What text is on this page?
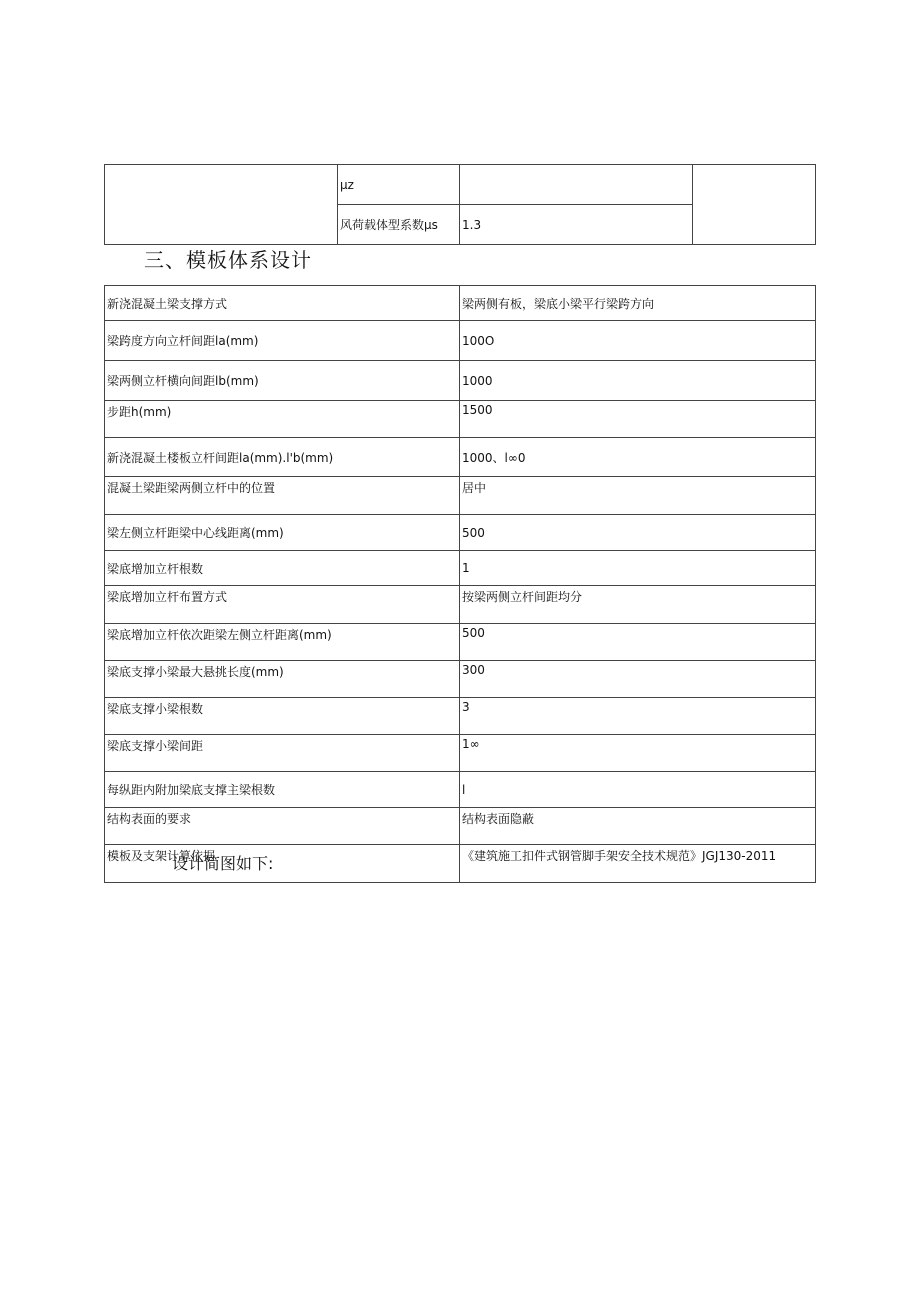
	μz		
	风荷载体型系数μs	1.3	
三、模板体系设计
新浇混凝土梁支撑方式	梁两侧有板，梁底小梁平行梁跨方向
梁跨度方向立杆间距la(mm)	100O
梁两侧立杆横向间距lb(mm)	1000
步距h(mm)	1500
新浇混凝土楼板立杆间距la(mm).l'b(mm)	1000、l∞0
混凝土梁距梁两侧立杆中的位置	居中
梁左侧立杆距梁中心线距离(mm)	500
梁底增加立杆根数	1
梁底增加立杆布置方式	按梁两侧立杆间距均分
梁底增加立杆依次距梁左侧立杆距离(mm)	500
梁底支撑小梁最大悬挑长度(mm)	300
梁底支撑小梁根数	3
梁底支撑小梁间距	1∞
每纵距内附加梁底支撑主梁根数	l
结构表面的要求	结构表面隐蔽
模板及支架计算依据	《建筑施工扣件式钢管脚手架安全技术规范》JGJ130-2011

设计简图如下:
